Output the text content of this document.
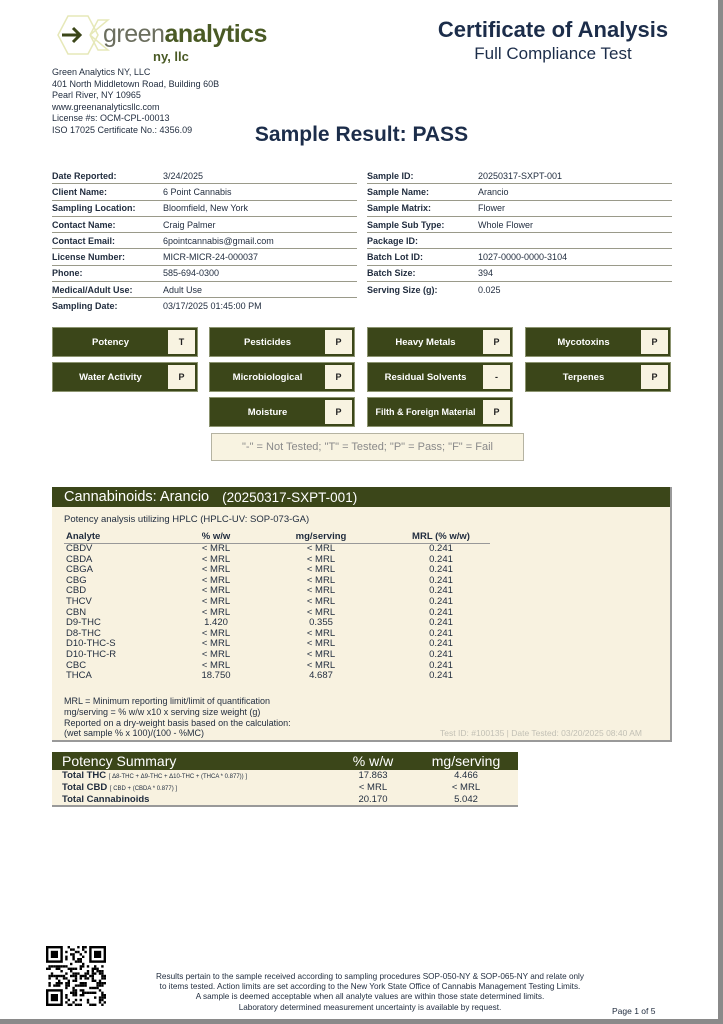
greenanalytics
ny, llc
Green Analytics NY, LLC
401 North Middletown Road, Building 60B
Pearl River, NY 10965
www.greenanalyticsllc.com
License #s: OCM-CPL-00013
ISO 17025 Certificate No.: 4356.09
Certificate of Analysis
Full Compliance Test
Sample Result: PASS
Date Reported:	3/24/2025
Client Name:	6 Point Cannabis
Sampling Location:	Bloomfield, New York
Contact Name:	Craig Palmer
Contact Email:	6pointcannabis@gmail.com
License Number:	MICR-MICR-24-000037
Phone:	585-694-0300
Medical/Adult Use:	Adult Use
Sampling Date:	03/17/2025 01:45:00 PM
Sample ID:	20250317-SXPT-001
Sample Name:	Arancio
Sample Matrix:	Flower
Sample Sub Type:	Whole Flower
Package ID:
Batch Lot ID:	1027-0000-0000-3104
Batch Size:	394
Serving Size (g):	0.025
Potency	T	Pesticides	P	Heavy Metals	P	Mycotoxins	P
Water Activity	P	Microbiological	P	Residual Solvents	-	Terpenes	P
Moisture	P	Filth & Foreign Material	P
"-" = Not Tested; "T" = Tested; "P" = Pass; "F" = Fail
Cannabinoids: Arancio (20250317-SXPT-001)
Potency analysis utilizing HPLC (HPLC-UV: SOP-073-GA)
Analyte	% w/w	mg/serving	MRL (% w/w)
CBDV	< MRL	< MRL	0.241
CBDA	< MRL	< MRL	0.241
CBGA	< MRL	< MRL	0.241
CBG	< MRL	< MRL	0.241
CBD	< MRL	< MRL	0.241
THCV	< MRL	< MRL	0.241
CBN	< MRL	< MRL	0.241
D9-THC	1.420	0.355	0.241
D8-THC	< MRL	< MRL	0.241
D10-THC-S	< MRL	< MRL	0.241
D10-THC-R	< MRL	< MRL	0.241
CBC	< MRL	< MRL	0.241
THCA	18.750	4.687	0.241
MRL = Minimum reporting limit/limit of quantification
mg/serving = % w/w x10 x serving size weight (g)
Reported on a dry-weight basis based on the calculation:
(wet sample % x 100)/(100 - %MC)	Test ID: #100135 | Date Tested: 03/20/2025 08:40 AM
Potency Summary	% w/w	mg/serving
Total THC [ Δ8-THC + Δ9-THC + Δ10-THC + (THCA * 0.877)) ]	17.863	4.466
Total CBD [ CBD + (CBDA * 0.877) ]	< MRL	< MRL
Total Cannabinoids	20.170	5.042
Results pertain to the sample received according to sampling procedures SOP-050-NY & SOP-065-NY and relate only
to items tested. Action limits are set according to the New York State Office of Cannabis Management Testing Limits.
A sample is deemed acceptable when all analyte values are within those state determined limits.
Laboratory determined measurement uncertainty is available by request.	Page 1 of 5
